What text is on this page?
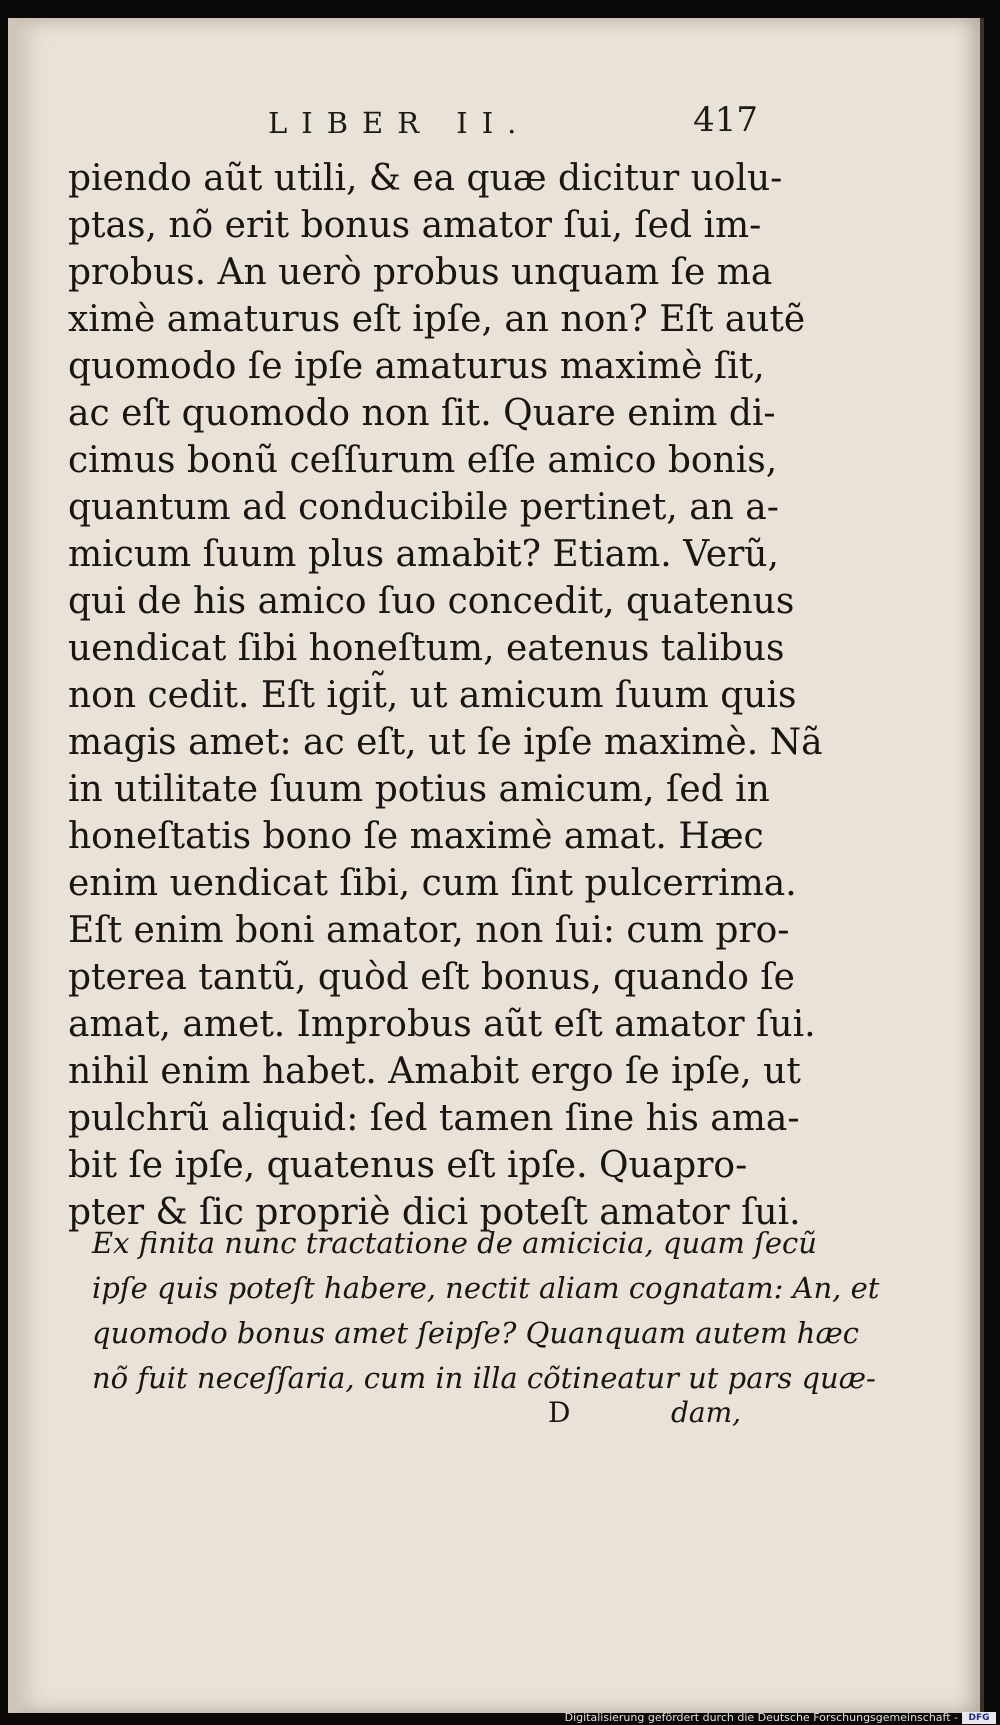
LIBER II.	417
piendo aũt utili, & ea quæ dicitur uolu-
ptas, nõ erit bonus amator ſui, ſed im-
probus. An uerò probus unquam ſe ma
ximè amaturus eſt ipſe, an non? Eſt autẽ
quomodo ſe ipſe amaturus maximè ſit,
ac eſt quomodo non ſit. Quare enim di-
cimus bonũ ceſſurum eſſe amico bonis,
quantum ad conducibile pertinet, an a-
micum ſuum plus amabit? Etiam. Verũ,
qui de his amico ſuo concedit, quatenus
uendicat ſibi honeſtum, eatenus talibus
non cedit. Eſt igit̃, ut amicum ſuum quis
magis amet: ac eſt, ut ſe ipſe maximè. Nã
in utilitate ſuum potius amicum, ſed in
honeſtatis bono ſe maximè amat. Hæc
enim uendicat ſibi, cum ſint pulcerrima.
Eſt enim boni amator, non ſui: cum pro-
pterea tantũ, quòd eſt bonus, quando ſe
amat, amet. Improbus aũt eſt amator ſui.
nihil enim habet. Amabit ergo ſe ipſe, ut
pulchrũ aliquid: ſed tamen ſine his ama-
bit ſe ipſe, quatenus eſt ipſe. Quapro-
pter & ſic propriè dici poteſt amator ſui.
Ex finita nunc tractatione de amicicia, quam ſecũ
ipſe quis poteſt habere, nectit aliam cognatam: An, et
quomodo bonus amet ſeipſe? Quanquam autem hæc
nõ fuit neceſſaria, cum in illa cõtineatur ut pars quæ-
D	dam,
Digitalisierung gefördert durch die Deutsche Forschungsgemeinschaft -	DFG
